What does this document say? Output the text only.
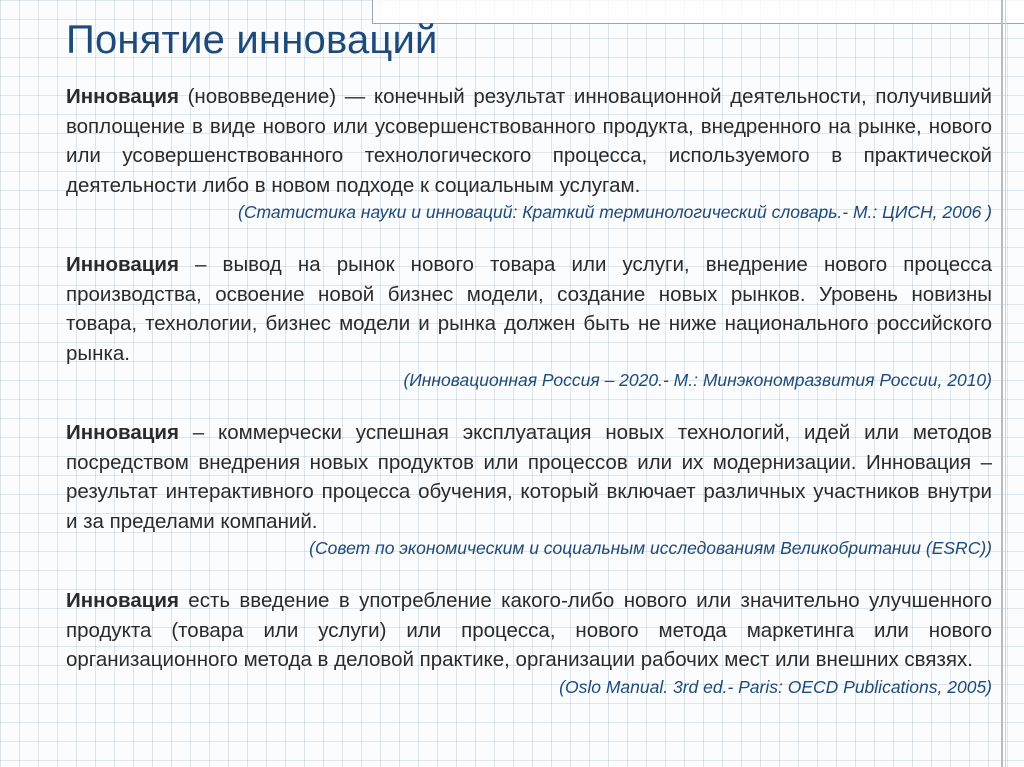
Понятие инноваций

Инновация (нововведение) — конечный результат инновационной деятельности, получивший воплощение в виде нового или усовершенствованного продукта, внедренного на рынке, нового или усовершенствованного технологического процесса, используемого в практической деятельности либо в новом подходе к социальным услугам.

(Статистика науки и инноваций: Краткий терминологический словарь.- М.: ЦИСН, 2006 )

Инновация – вывод на рынок нового товара или услуги, внедрение нового процесса производства, освоение новой бизнес модели, создание новых рынков. Уровень новизны товара, технологии, бизнес модели и рынка должен быть не ниже национального российского рынка.

(Инновационная Россия – 2020.- М.: Минэкономразвития России, 2010)

Инновация – коммерчески успешная эксплуатация новых технологий, идей или методов посредством внедрения новых продуктов или процессов или их модернизации. Инновация – результат интерактивного процесса обучения, который включает различных участников внутри и за пределами компаний.

(Совет по экономическим и социальным исследованиям Великобритании (ESRC))

Инновация есть введение в употребление какого-либо нового или значительно улучшенного продукта (товара или услуги) или процесса, нового метода маркетинга или нового организационного метода в деловой практике, организации рабочих мест или внешних связях.

(Oslo Manual. 3rd ed.- Paris: OECD Publications, 2005)
